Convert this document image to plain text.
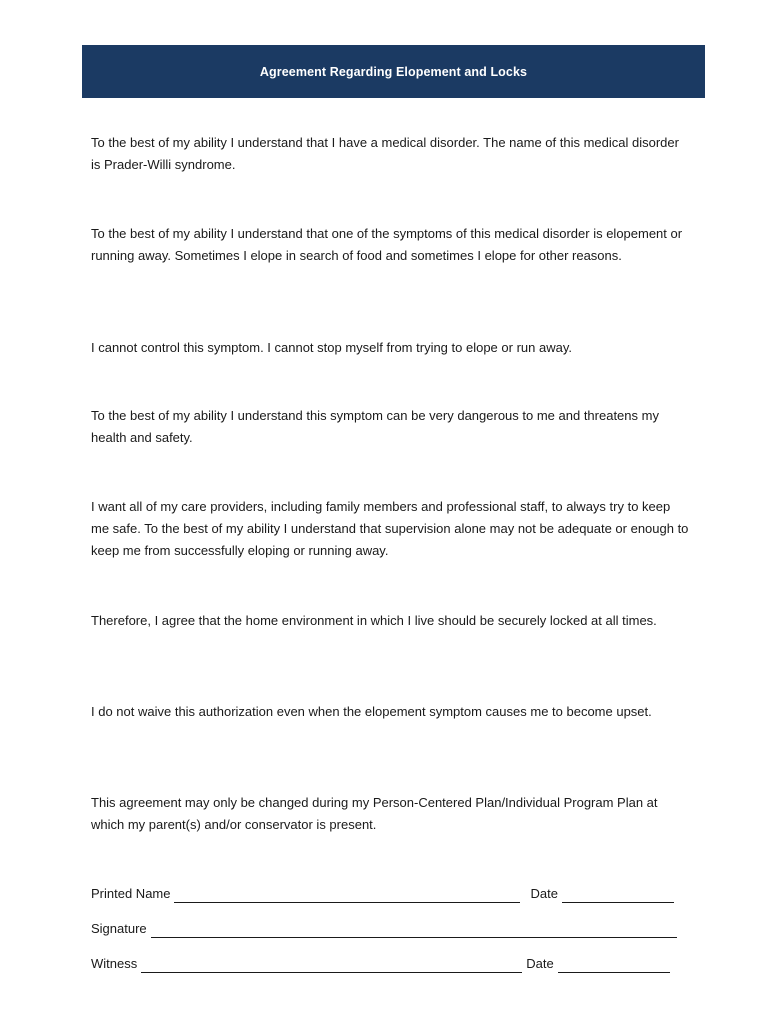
Agreement Regarding Elopement and Locks

To the best of my ability I understand that I have a medical disorder. The name of this medical disorder is Prader-Willi syndrome.

To the best of my ability I understand that one of the symptoms of this medical disorder is elopement or running away. Sometimes I elope in search of food and sometimes I elope for other reasons.

I cannot control this symptom. I cannot stop myself from trying to elope or run away.

To the best of my ability I understand this symptom can be very dangerous to me and threatens my health and safety.

I want all of my care providers, including family members and professional staff, to always try to keep me safe. To the best of my ability I understand that supervision alone may not be adequate or enough to keep me from successfully eloping or running away.

Therefore, I agree that the home environment in which I live should be securely locked at all times.

I do not waive this authorization even when the elopement symptom causes me to become upset.

This agreement may only be changed during my Person-Centered Plan/Individual Program Plan at which my parent(s) and/or conservator is present.

Printed Name	Date
Signature
Witness	Date
